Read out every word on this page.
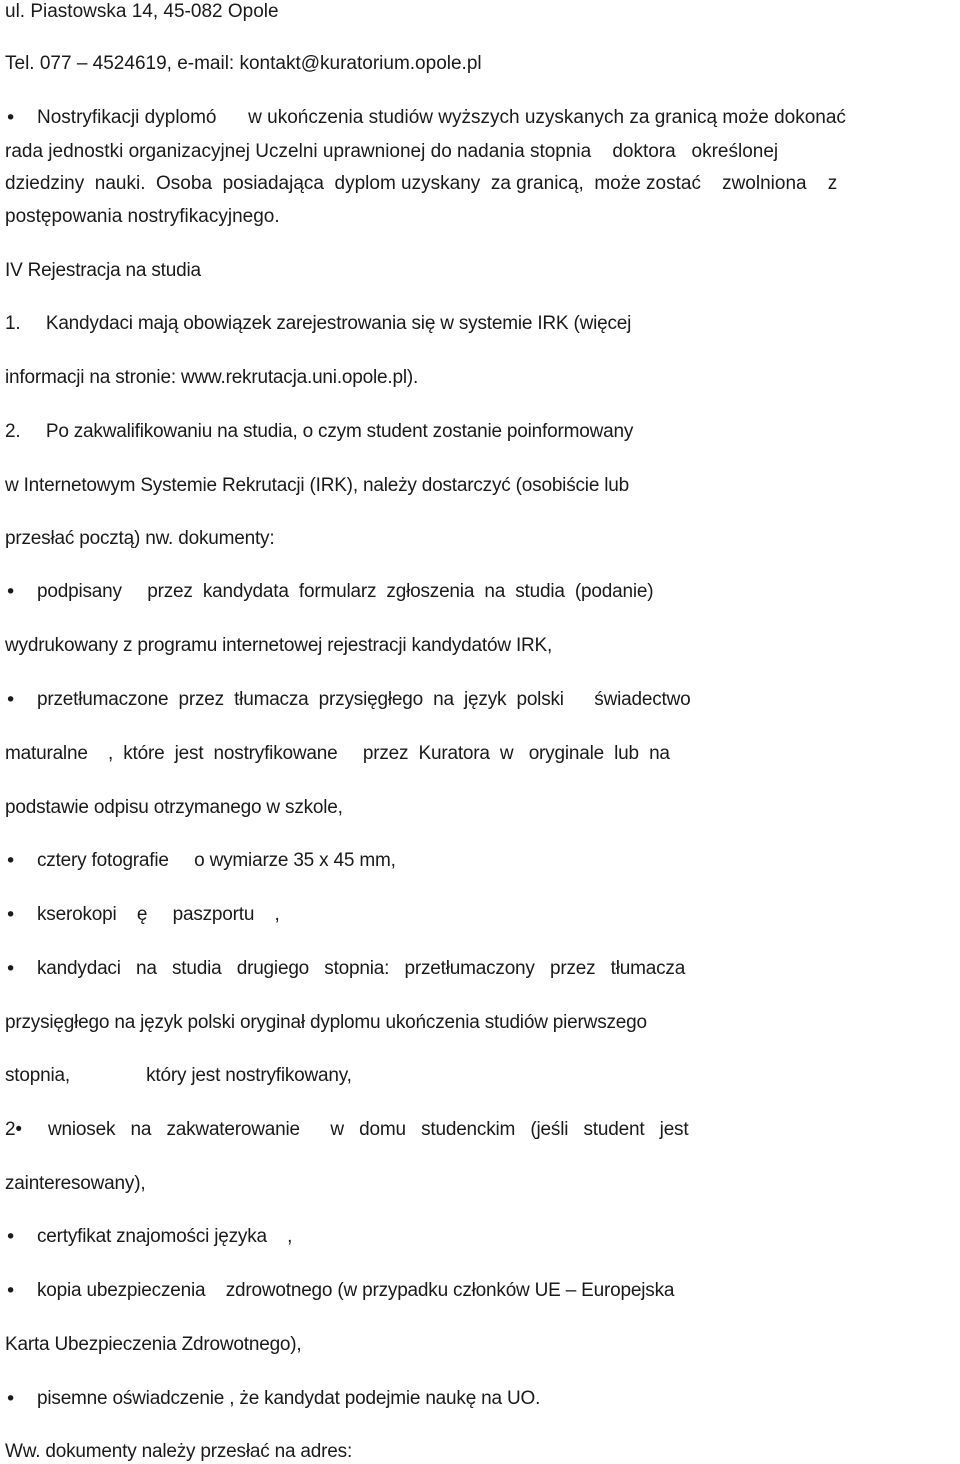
ul. Piastowska 14, 45-082 Opole
Tel. 077 – 4524619, e-mail: kontakt@kuratorium.opole.pl
• Nostryfikacji dyplomó      w ukończenia studiów wyższych uzyskanych za granicą może dokonać
rada jednostki organizacyjnej Uczelni uprawnionej do nadania stopnia    doktora   określonej
dziedziny  nauki.  Osoba  posiadająca  dyplom uzyskany  za granicą,  może zostać    zwolniona    z
postępowania nostryfikacyjnego.
IV Rejestracja na studia
1.     Kandydaci mają obowiązek zarejestrowania się w systemie IRK (więcej
informacji na stronie: www.rekrutacja.uni.opole.pl).
2.     Po zakwalifikowaniu na studia, o czym student zostanie poinformowany
w Internetowym Systemie Rekrutacji (IRK), należy dostarczyć (osobiście lub
przesłać pocztą) nw. dokumenty:
• podpisany     przez  kandydata  formularz  zgłoszenia  na  studia  (podanie)
wydrukowany z programu internetowej rejestracji kandydatów IRK,
• przetłumaczone  przez  tłumacza  przysięgłego  na  język  polski      świadectwo
maturalne    ,  które  jest  nostryfikowane     przez  Kuratora  w   oryginale  lub  na
podstawie odpisu otrzymanego w szkole,
• cztery fotografie     o wymiarze 35 x 45 mm,
• kserokopi    ę     paszportu    ,
• kandydaci   na   studia   drugiego   stopnia:   przetłumaczony   przez   tłumacza
przysięgłego na język polski oryginał dyplomu ukończenia studiów pierwszego
stopnia,               który jest nostryfikowany,
2• wniosek   na   zakwaterowanie      w   domu   studenckim   (jeśli   student   jest
zainteresowany),
• certyfikat znajomości języka    ,
• kopia ubezpieczenia    zdrowotnego (w przypadku członków UE – Europejska
Karta Ubezpieczenia Zdrowotnego),
• pisemne oświadczenie , że kandydat podejmie naukę na UO.
Ww. dokumenty należy przesłać na adres:
